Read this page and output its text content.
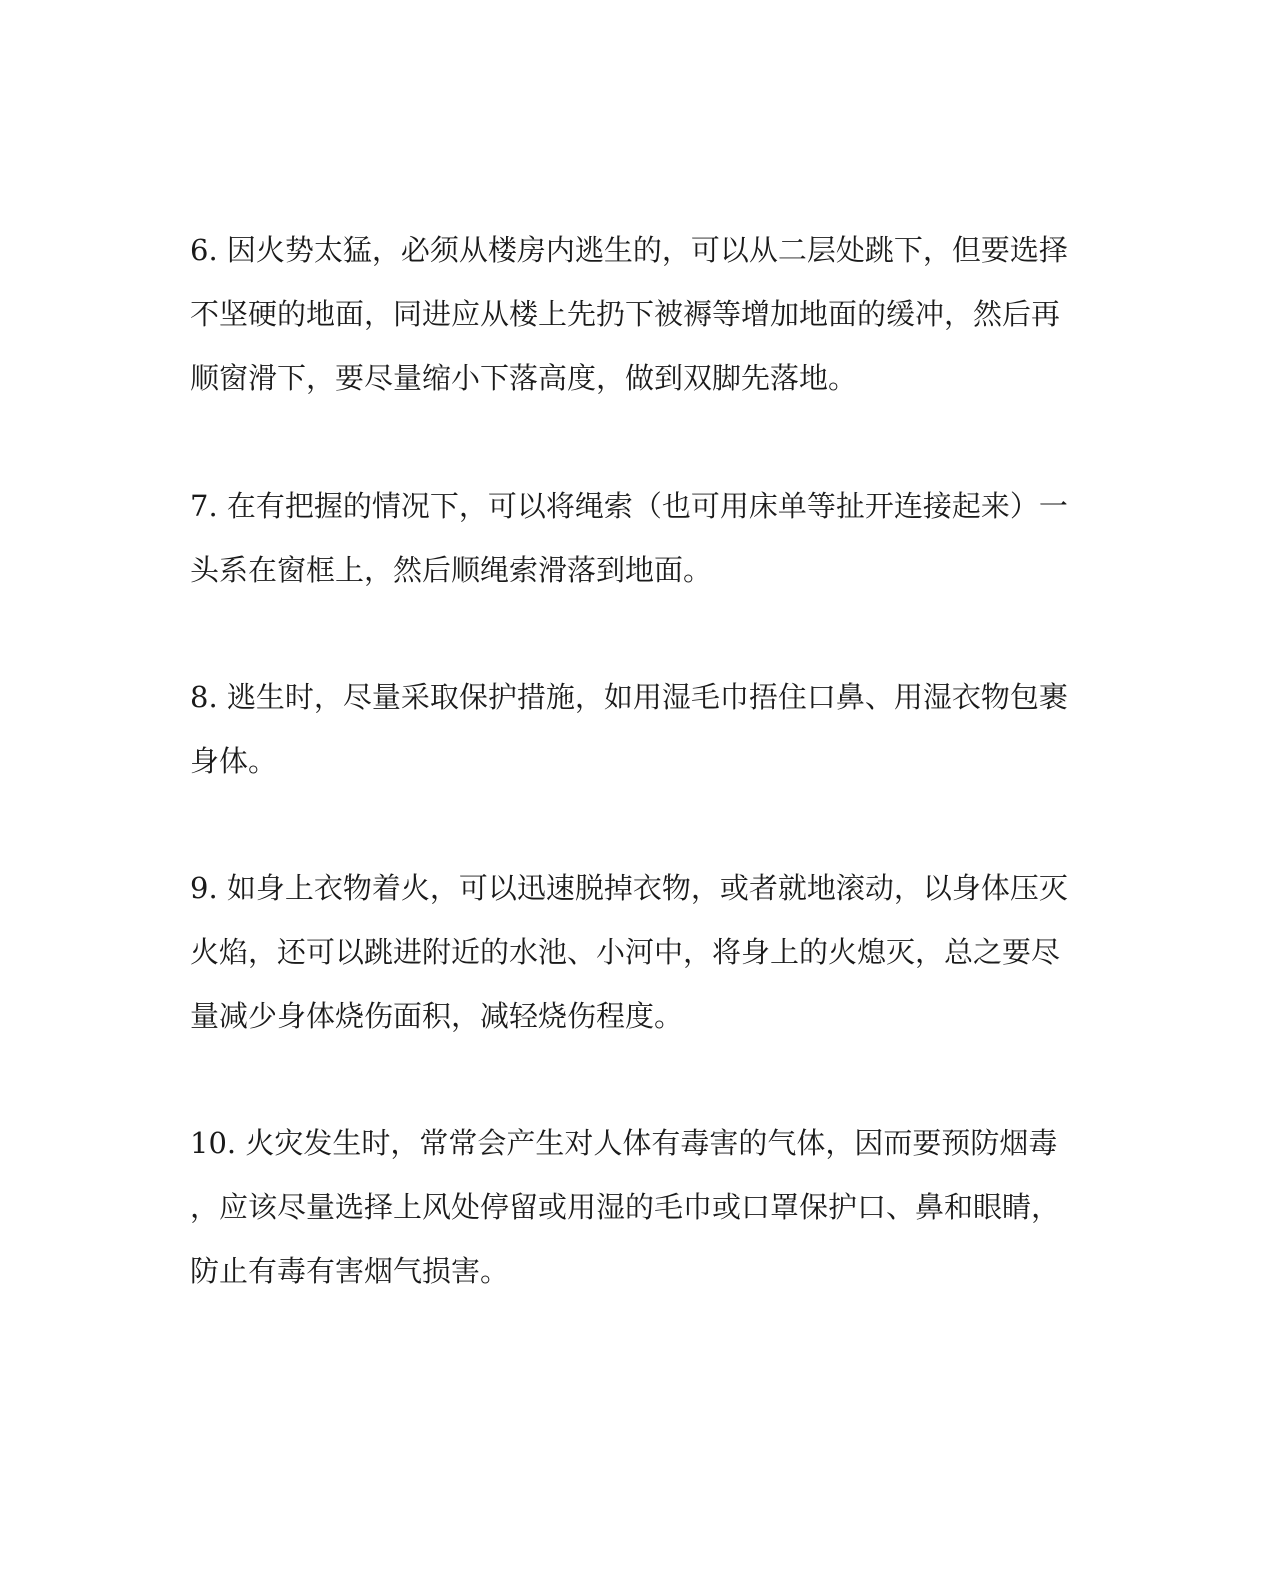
6. 因火势太猛，必须从楼房内逃生的，可以从二层处跳下，但要选择
不坚硬的地面，同进应从楼上先扔下被褥等增加地面的缓冲，然后再
顺窗滑下，要尽量缩小下落高度，做到双脚先落地。
7. 在有把握的情况下，可以将绳索（也可用床单等扯开连接起来）一
头系在窗框上，然后顺绳索滑落到地面。
8. 逃生时，尽量采取保护措施，如用湿毛巾捂住口鼻、用湿衣物包裹
身体。
9. 如身上衣物着火，可以迅速脱掉衣物，或者就地滚动，以身体压灭
火焰，还可以跳进附近的水池、小河中，将身上的火熄灭，总之要尽
量减少身体烧伤面积，减轻烧伤程度。
10. 火灾发生时，常常会产生对人体有毒害的气体，因而要预防烟毒
，应该尽量选择上风处停留或用湿的毛巾或口罩保护口、鼻和眼睛，
防止有毒有害烟气损害。
